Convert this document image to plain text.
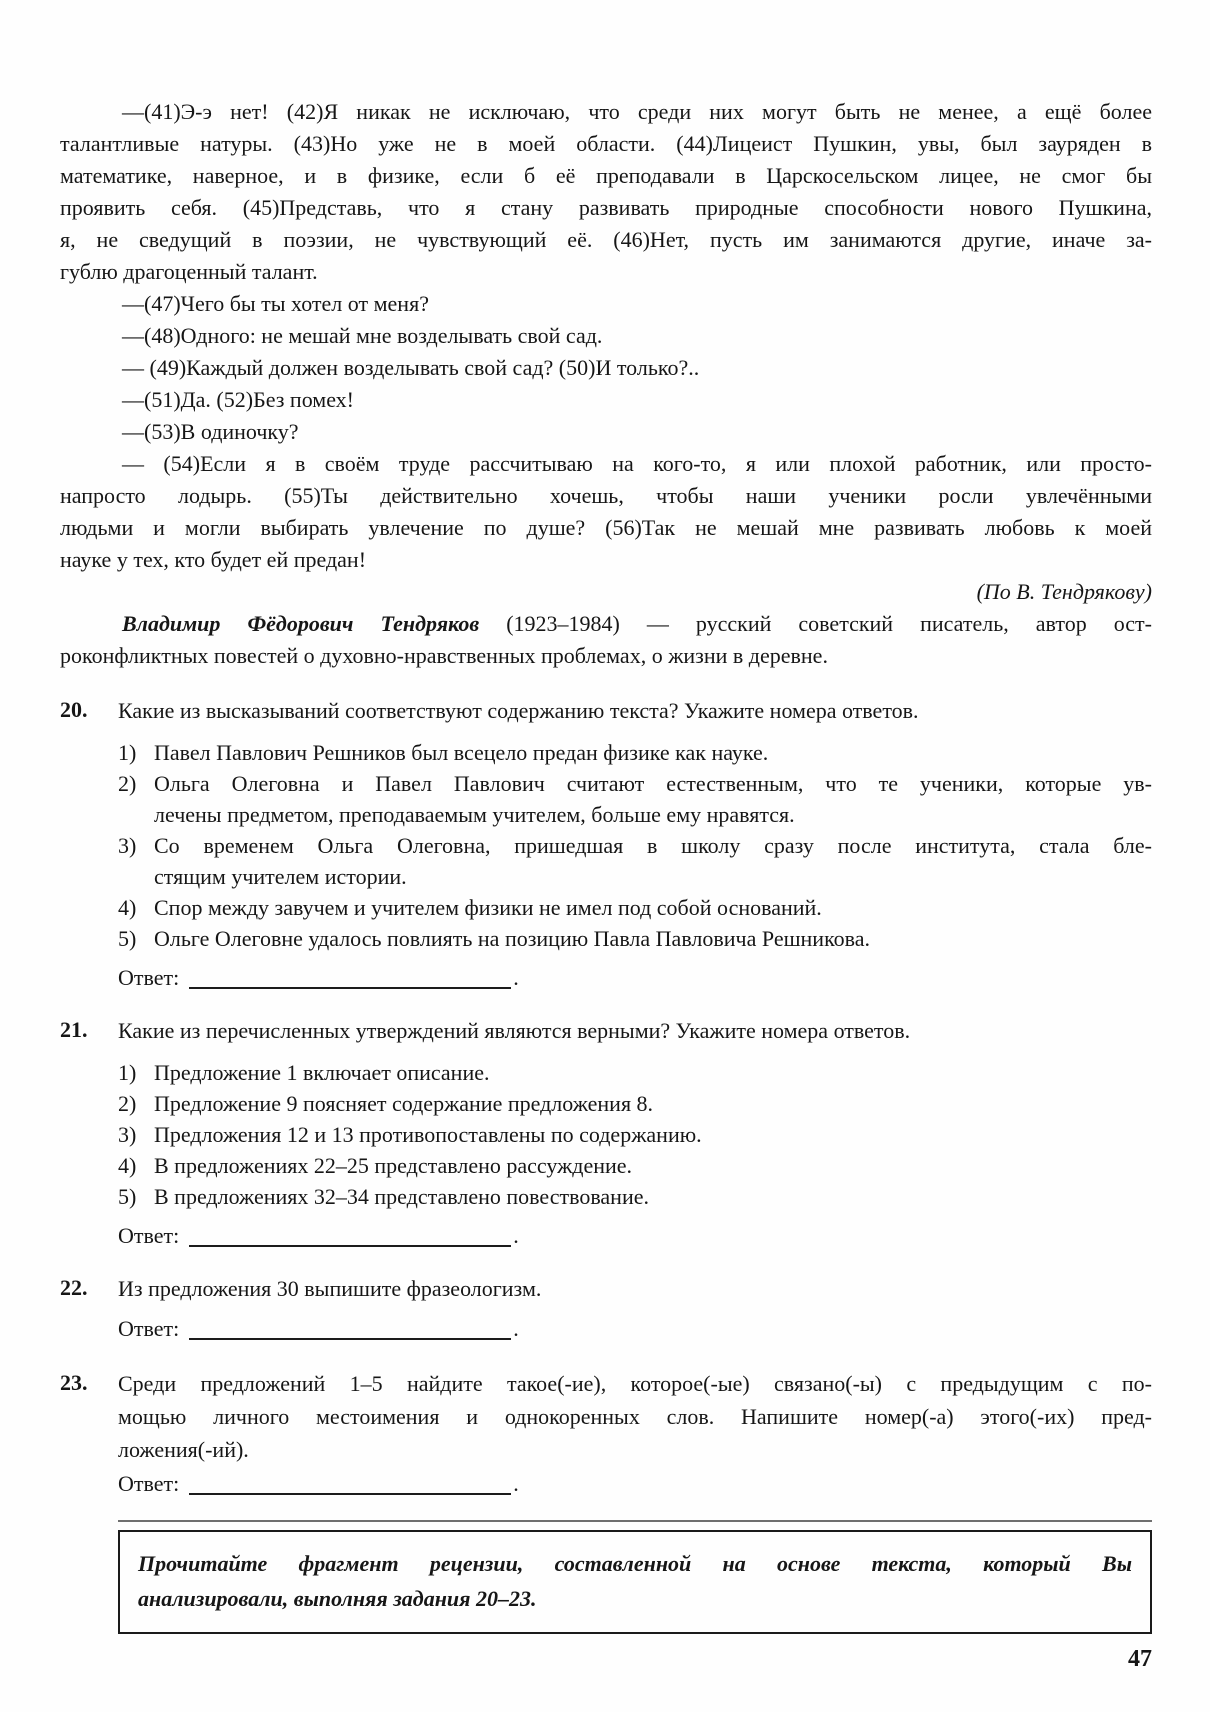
—(41)Э-э нет! (42)Я никак не исключаю, что среди них могут быть не менее, а ещё более
талантливые натуры. (43)Но уже не в моей области. (44)Лицеист Пушкин, увы, был зауряден в
математике, наверное, и в физике, если б её преподавали в Царскосельском лицее, не смог бы
проявить себя. (45)Представь, что я стану развивать природные способности нового Пушкина,
я, не сведущий в поэзии, не чувствующий её. (46)Нет, пусть им занимаются другие, иначе за-
гублю драгоценный талант.
—(47)Чего бы ты хотел от меня?
—(48)Одного: не мешай мне возделывать свой сад.
— (49)Каждый должен возделывать свой сад? (50)И только?..
—(51)Да. (52)Без помех!
—(53)В одиночку?
— (54)Если я в своём труде рассчитываю на кого-то, я или плохой работник, или просто-
напросто лодырь. (55)Ты действительно хочешь, чтобы наши ученики росли увлечёнными
людьми и могли выбирать увлечение по душе? (56)Так не мешай мне развивать любовь к моей
науке у тех, кто будет ей предан!
(По В. Тендрякову)
Владимир Фёдорович Тендряков (1923–1984) — русский советский писатель, автор ост-
роконфликтных повестей о духовно-нравственных проблемах, о жизни в деревне.
20.	Какие из высказываний соответствуют содержанию текста? Укажите номера ответов.
1) Павел Павлович Решников был всецело предан физике как науке.
2) Ольга Олеговна и Павел Павлович считают естественным, что те ученики, которые ув-
лечены предметом, преподаваемым учителем, больше ему нравятся.
3) Со временем Ольга Олеговна, пришедшая в школу сразу после института, стала бле-
стящим учителем истории.
4) Спор между завучем и учителем физики не имел под собой оснований.
5) Ольге Олеговне удалось повлиять на позицию Павла Павловича Решникова.
Ответ:	.
21.	Какие из перечисленных утверждений являются верными? Укажите номера ответов.
1) Предложение 1 включает описание.
2) Предложение 9 поясняет содержание предложения 8.
3) Предложения 12 и 13 противопоставлены по содержанию.
4) В предложениях 22–25 представлено рассуждение.
5) В предложениях 32–34 представлено повествование.
Ответ:	.
22.	Из предложения 30 выпишите фразеологизм.
Ответ:	.
23.	Среди предложений 1–5 найдите такое(-ие), которое(-ые) связано(-ы) с предыдущим с по-
мощью личного местоимения и однокоренных слов. Напишите номер(-а) этого(-их) пред-
ложения(-ий).
Ответ:	.
Прочитайте фрагмент рецензии, составленной на основе текста, который Вы
анализировали, выполняя задания 20–23.
47
